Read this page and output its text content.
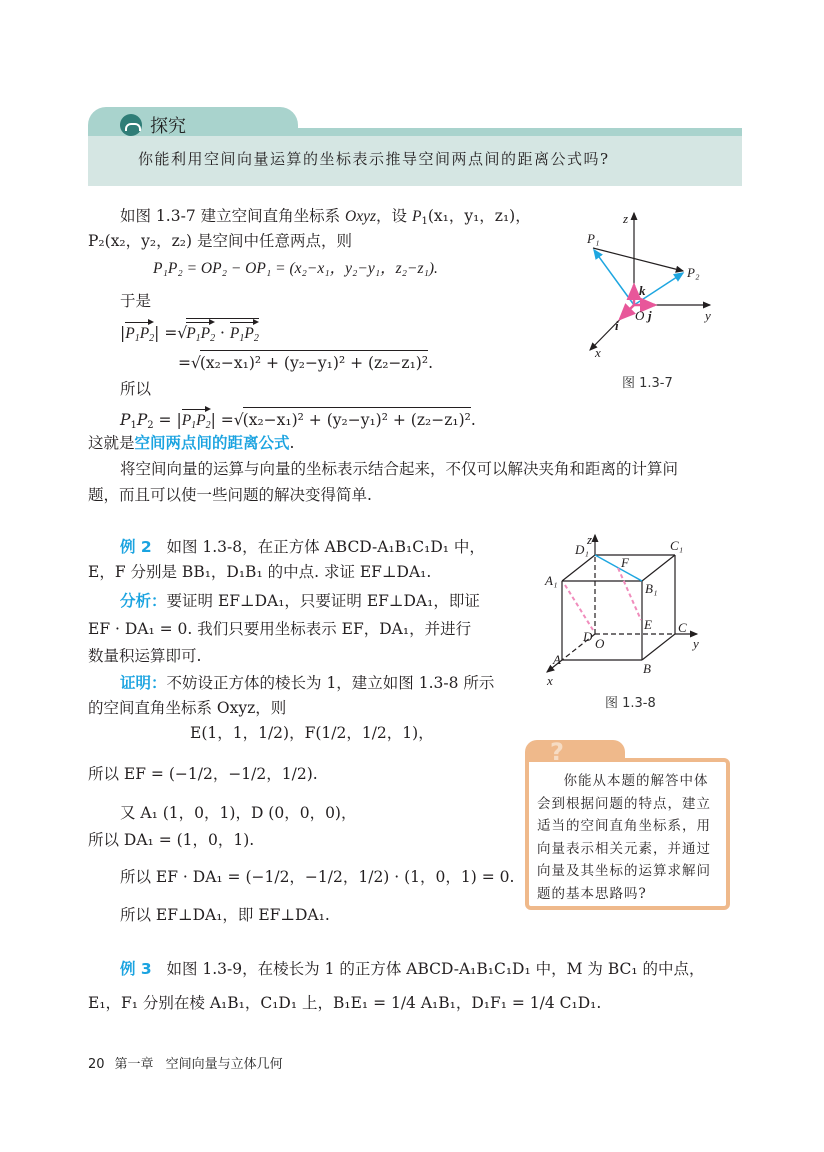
探究
你能利用空间向量运算的坐标表示推导空间两点间的距离公式吗?
如图 1.3-7 建立空间直角坐标系 Oxyz，设 $P_1(x_1$，y₁，z₁)，
P₂(x₂，y₂，z₂) 是空间中任意两点，则
P₁P₂ = OP₂ − OP₁ = (x₂−x₁，y₂−y₁，z₂−z₁).
于是
$|P_1P_2| =√P_1P_2 \cdot P_1P_2$
=√(x₂−x₁)² + (y₂−y₁)² + (z₂−z₁)².
所以
$P_1P_2 = |P_1P_2| =√(x_2-x_1)^2 + (y_2-y_1)^2 + (z_2-z_1)^2$.
这就是空间两点间的距离公式.
将空间向量的运算与向量的坐标表示结合起来，不仅可以解决夹角和距离的计算问
题，而且可以使一些问题的解决变得简单.
z
y
x
O
P₁
P₂
i
j
k
图 1.3-7
例 2 如图 1.3-8，在正方体 ABCD-A₁B₁C₁D₁ 中，
E，F 分别是 BB₁，D₁B₁ 的中点. 求证 EF⊥DA₁.
分析：要证明 EF⊥DA₁，只要证明 EF⊥DA₁，即证
EF · DA₁ = 0. 我们只要用坐标表示 EF，DA₁，并进行
数量积运算即可.
证明：不妨设正方体的棱长为 1，建立如图 1.3-8 所示
的空间直角坐标系 Oxyz，则
E(1，1，1/2)，F(1/2，1/2，1)，
所以 EF = (−1/2，−1/2，1/2).
又 A₁ (1，0，1)，D (0，0，0)，
所以 DA₁ = (1，0，1).
所以 EF · DA₁ = (−1/2，−1/2，1/2) · (1，0，1) = 0.
所以 EF⊥DA₁，即 EF⊥DA₁.
z
y
x
O
D₁	C₁
A₁
B₁
F
E
D
C
A
B
图 1.3-8
?
你能从本题的解答中体会到根据问题的特点，建立适当的空间直角坐标系，用向量表示相关元素，并通过向量及其坐标的运算求解问题的基本思路吗?
例 3 如图 1.3-9，在棱长为 1 的正方体 ABCD-A₁B₁C₁D₁ 中，M 为 BC₁ 的中点，
E₁，F₁ 分别在棱 A₁B₁，C₁D₁ 上，B₁E₁ = 1/4 A₁B₁，D₁F₁ = 1/4 C₁D₁.
20 第一章 空间向量与立体几何
